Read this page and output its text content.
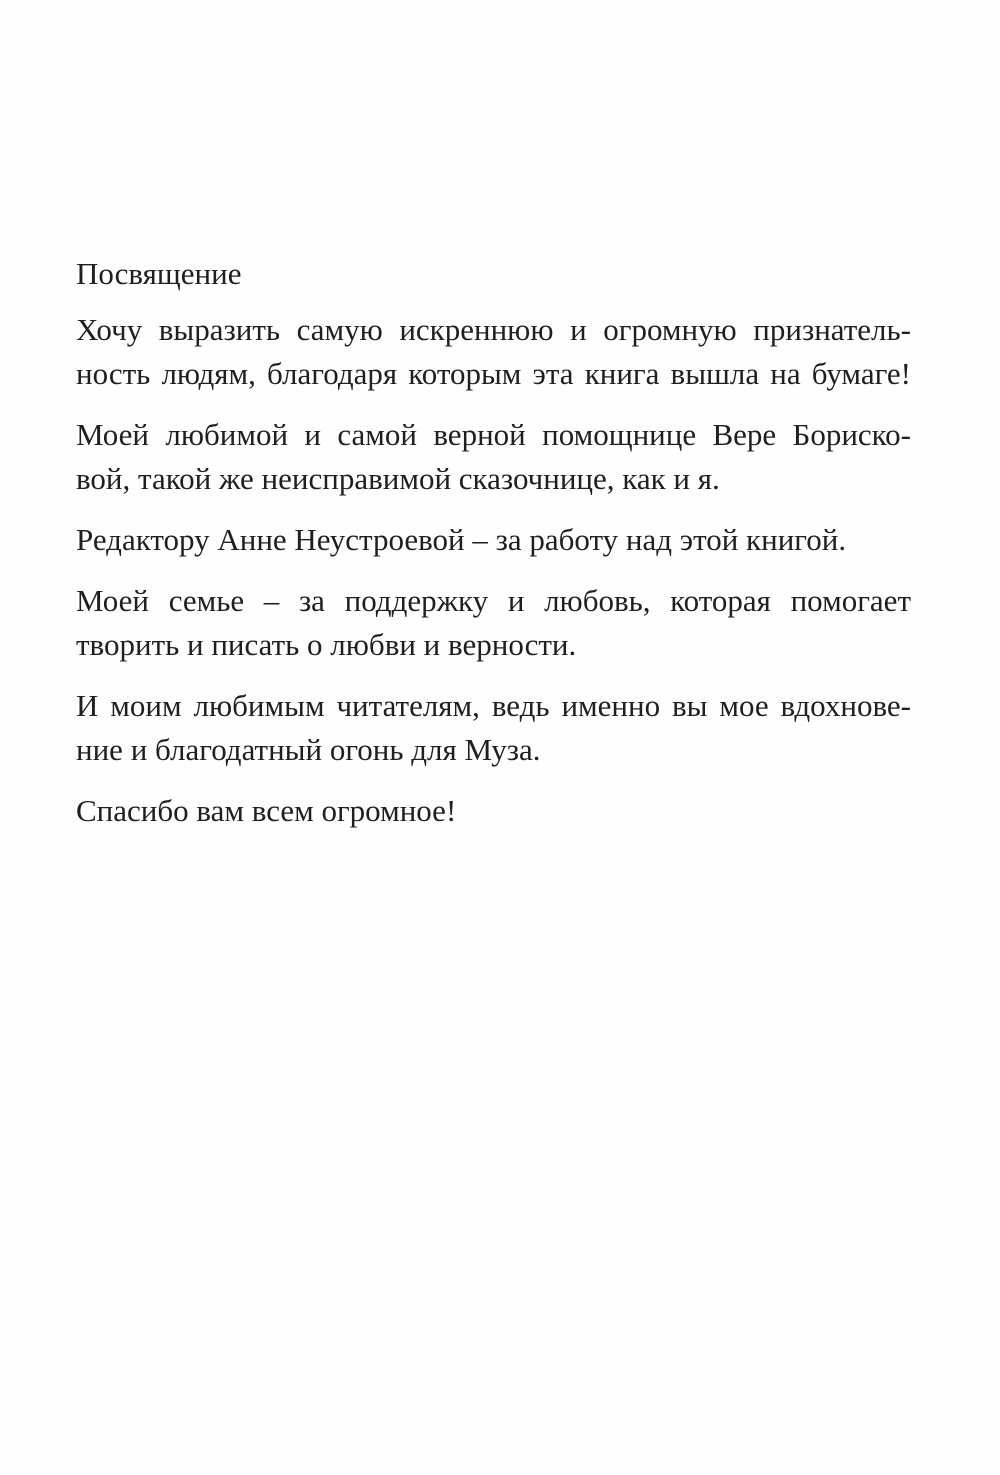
Посвящение

Хочу выразить самую искреннюю и огромную признатель-
ность людям, благодаря которым эта книга вышла на бумаге!

Моей любимой и самой верной помощнице Вере Бориско-
вой, такой же неисправимой сказочнице, как и я.

Редактору Анне Неустроевой – за работу над этой книгой.

Моей семье – за поддержку и любовь, которая помогает
творить и писать о любви и верности.

И моим любимым читателям, ведь именно вы мое вдохнове-
ние и благодатный огонь для Муза.

Спасибо вам всем огромное!
